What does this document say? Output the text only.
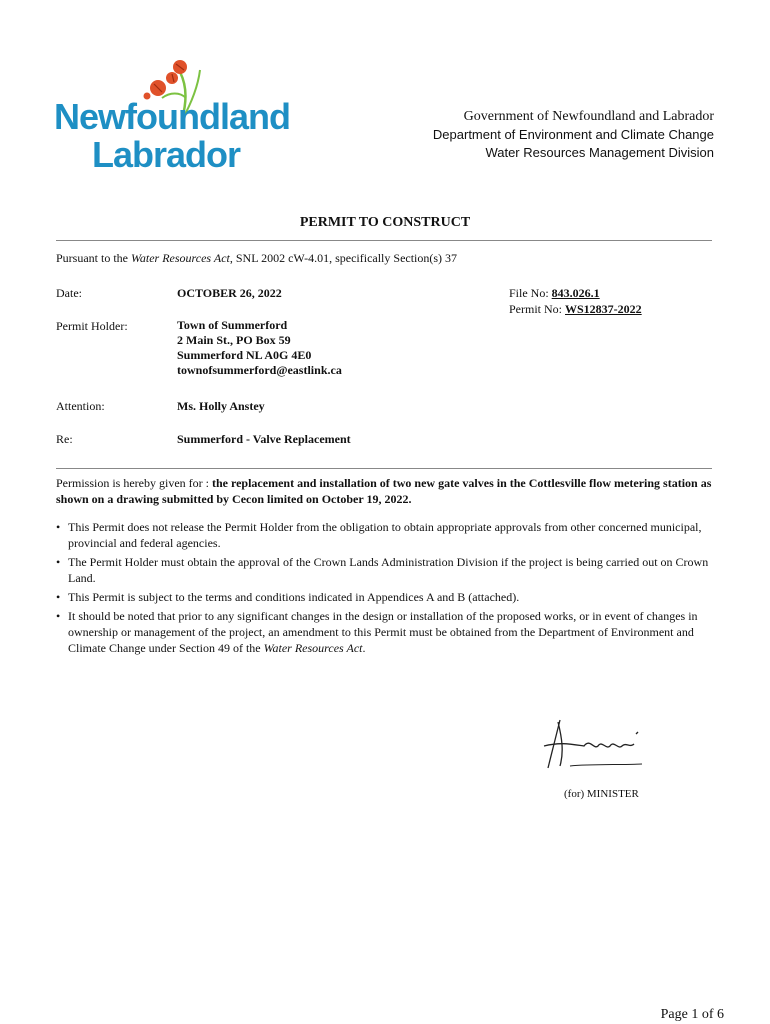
Newfoundland
Labrador
Government of Newfoundland and Labrador
Department of Environment and Climate Change
Water Resources Management Division
PERMIT TO CONSTRUCT
Pursuant to the Water Resources Act, SNL 2002 cW-4.01, specifically Section(s) 37
Date:	OCTOBER 26, 2022	File No: 843.026.1
Permit No: WS12837-2022
Permit Holder:	Town of Summerford
2 Main St., PO Box 59
Summerford NL A0G 4E0
townofsummerford@eastlink.ca
Attention:	Ms. Holly Anstey
Re:	Summerford - Valve Replacement
Permission is hereby given for : the replacement and installation of two new gate valves in the Cottlesville flow metering station as shown on a drawing submitted by Cecon limited on October 19, 2022.
• This Permit does not release the Permit Holder from the obligation to obtain appropriate approvals from other concerned municipal, provincial and federal agencies.
• The Permit Holder must obtain the approval of the Crown Lands Administration Division if the project is being carried out on Crown Land.
• This Permit is subject to the terms and conditions indicated in Appendices A and B (attached).
• It should be noted that prior to any significant changes in the design or installation of the proposed works, or in event of changes in ownership or management of the project, an amendment to this Permit must be obtained from the Department of Environment and Climate Change under Section 49 of the Water Resources Act.
(for) MINISTER
Page 1 of 6
